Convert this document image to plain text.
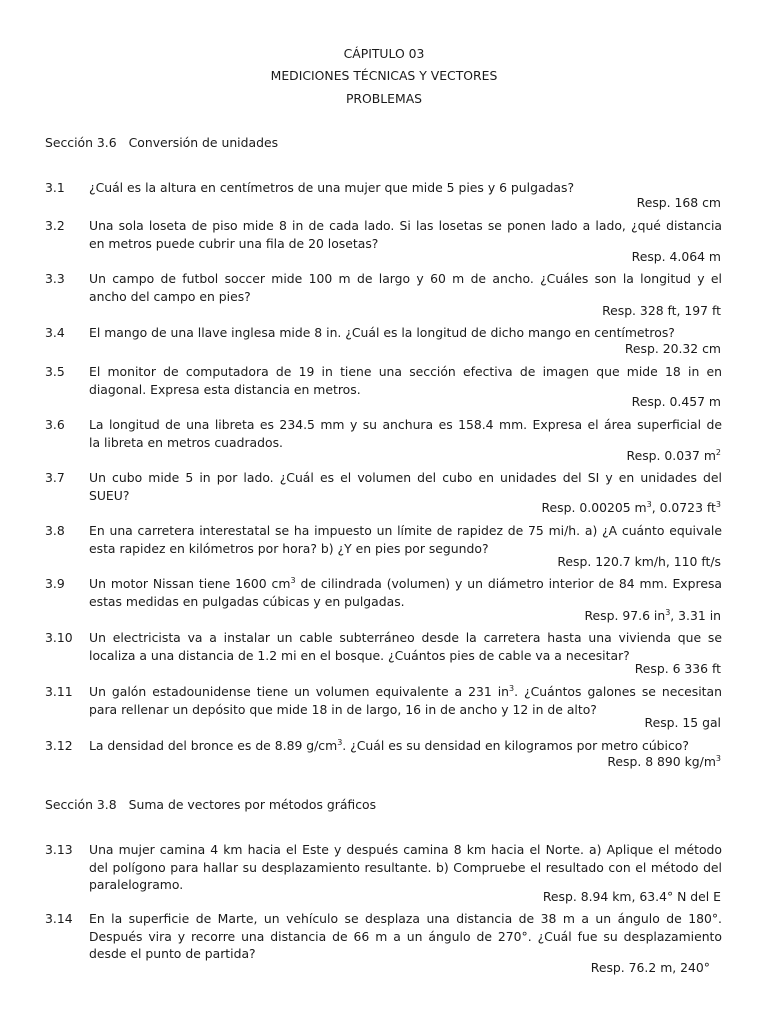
CÁPITULO 03
MEDICIONES TÉCNICAS Y VECTORES
PROBLEMAS
Sección 3.6 Conversión de unidades
3.1 ¿Cuál es la altura en centímetros de una mujer que mide 5 pies y 6 pulgadas?
Resp. 168 cm
3.2 Una sola loseta de piso mide 8 in de cada lado. Si las losetas se ponen lado a lado, ¿qué distancia
en metros puede cubrir una fila de 20 losetas?
Resp. 4.064 m
3.3 Un campo de futbol soccer mide 100 m de largo y 60 m de ancho. ¿Cuáles son la longitud y el
ancho del campo en pies?
Resp. 328 ft, 197 ft
3.4 El mango de una llave inglesa mide 8 in. ¿Cuál es la longitud de dicho mango en centímetros?
Resp. 20.32 cm
3.5 El monitor de computadora de 19 in tiene una sección efectiva de imagen que mide 18 in en
diagonal. Expresa esta distancia en metros.
Resp. 0.457 m
3.6 La longitud de una libreta es 234.5 mm y su anchura es 158.4 mm. Expresa el área superficial de
la libreta en metros cuadrados.
Resp. 0.037 $m^2$
3.7 Un cubo mide 5 in por lado. ¿Cuál es el volumen del cubo en unidades del SI y en unidades del
SUEU?
Resp. 0.00205 $m^3$, 0.0723 $ft^3$
3.8 En una carretera interestatal se ha impuesto un límite de rapidez de 75 mi/h. a) ¿A cuánto equivale
esta rapidez en kilómetros por hora? b) ¿Y en pies por segundo?
Resp. 120.7 km/h, 110 ft/s
3.9 Un motor Nissan tiene 1600 $cm^3$ de cilindrada (volumen) y un diámetro interior de 84 mm. Expresa
estas medidas en pulgadas cúbicas y en pulgadas.
Resp. 97.6 $in^3$, 3.31 in
3.10 Un electricista va a instalar un cable subterráneo desde la carretera hasta una vivienda que se
localiza a una distancia de 1.2 mi en el bosque. ¿Cuántos pies de cable va a necesitar?
Resp. 6 336 ft
3.11 Un galón estadounidense tiene un volumen equivalente a 231 $in^3$. ¿Cuántos galones se necesitan
para rellenar un depósito que mide 18 in de largo, 16 in de ancho y 12 in de alto?
Resp. 15 gal
3.12 La densidad del bronce es de 8.89 $g/cm^3$. ¿Cuál es su densidad en kilogramos por metro cúbico?
Resp. 8 890 $kg/m^3$
Sección 3.8 Suma de vectores por métodos gráficos
3.13 Una mujer camina 4 km hacia el Este y después camina 8 km hacia el Norte. a) Aplique el método
del polígono para hallar su desplazamiento resultante. b) Compruebe el resultado con el método del
paralelogramo.
Resp. 8.94 km, 63.4° N del E
3.14 En la superficie de Marte, un vehículo se desplaza una distancia de 38 m a un ángulo de 180°.
Después vira y recorre una distancia de 66 m a un ángulo de 270°. ¿Cuál fue su desplazamiento
desde el punto de partida?
Resp. 76.2 m, 240°
